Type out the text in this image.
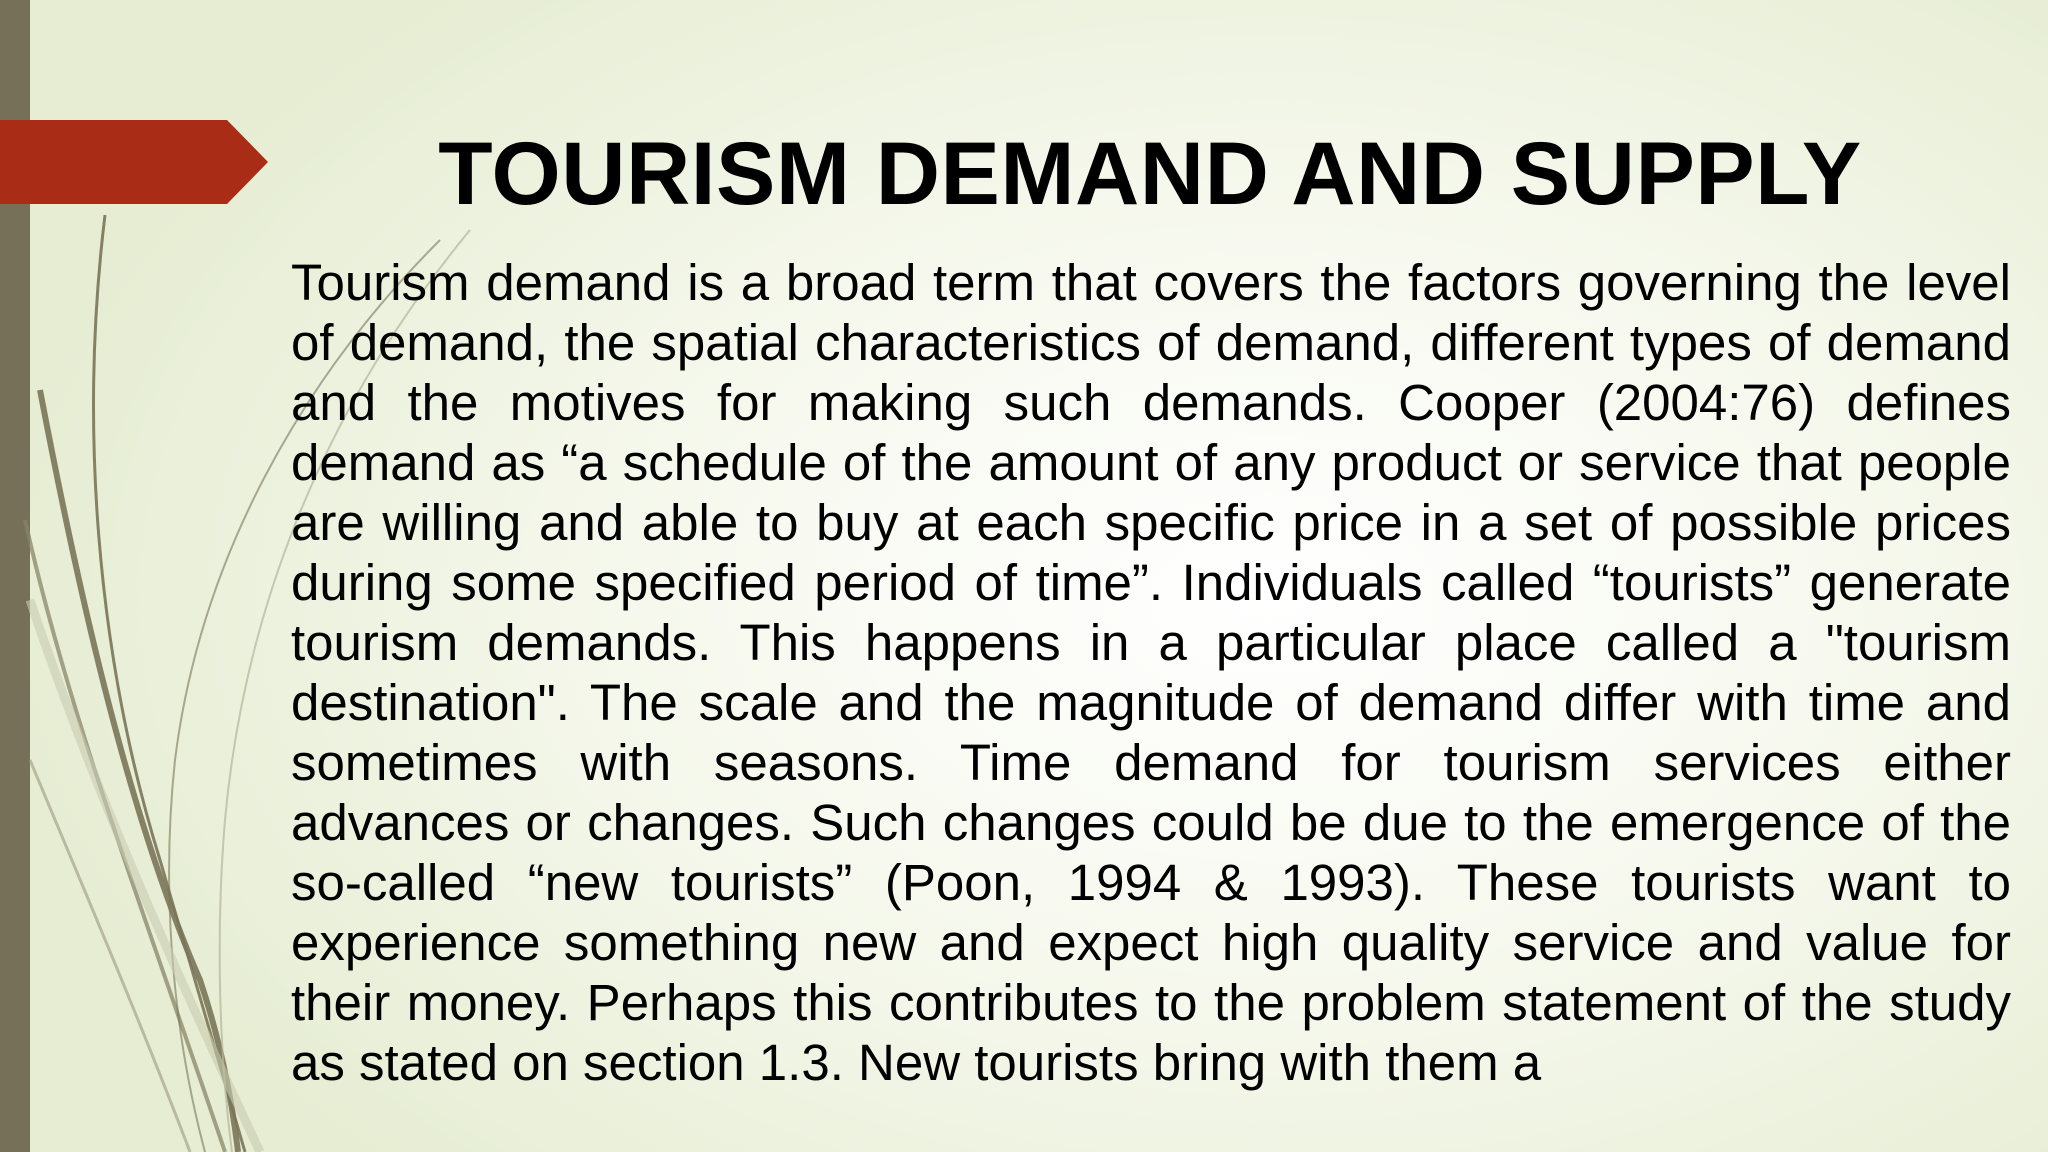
TOURISM DEMAND AND SUPPLY

Tourism demand is a broad term that covers the factors governing the level of demand, the spatial characteristics of demand, different types of demand and the motives for making such demands. Cooper (2004:76) defines demand as “a schedule of the amount of any product or service that people are willing and able to buy at each specific price in a set of possible prices during some specified period of time”. Individuals called “tourists” generate tourism demands. This happens in a particular place called a "tourism destination". The scale and the magnitude of demand differ with time and sometimes with seasons. Time demand for tourism services either advances or changes. Such changes could be due to the emergence of the so-called “new tourists” (Poon, 1994 & 1993). These tourists want to experience something new and expect high quality service and value for their money. Perhaps this contributes to the problem statement of the study as stated on section 1.3. New tourists bring with them a
